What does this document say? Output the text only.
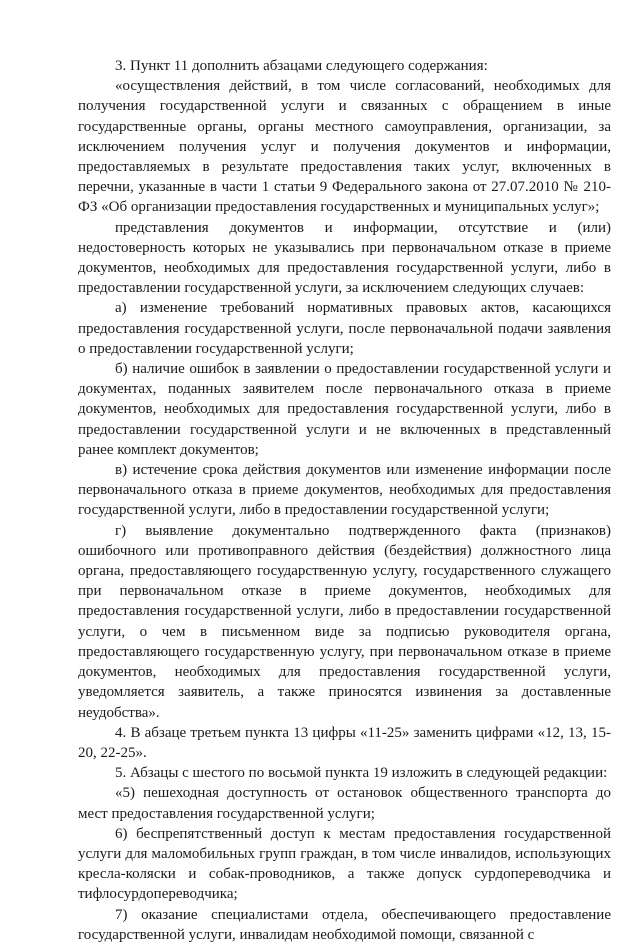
3. Пункт 11 дополнить абзацами следующего содержания:

«осуществления действий, в том числе согласований, необходимых для получения государственной услуги и связанных с обращением в иные государственные органы, органы местного самоуправления, организации, за исключением получения услуг и получения документов и информации, предоставляемых в результате предоставления таких услуг, включенных в перечни, указанные в части 1 статьи 9 Федерального закона от 27.07.2010 № 210-ФЗ «Об организации предоставления государственных и муниципальных услуг»;

представления документов и информации, отсутствие и (или) недостоверность которых не указывались при первоначальном отказе в приеме документов, необходимых для предоставления государственной услуги, либо в предоставлении государственной услуги, за исключением следующих случаев:

а) изменение требований нормативных правовых актов, касающихся предоставления государственной услуги, после первоначальной подачи заявления о предоставлении государственной услуги;

б) наличие ошибок в заявлении о предоставлении государственной услуги и документах, поданных заявителем после первоначального отказа в приеме документов, необходимых для предоставления государственной услуги, либо в предоставлении государственной услуги и не включенных в представленный ранее комплект документов;

в) истечение срока действия документов или изменение информации после первоначального отказа в приеме документов, необходимых для предоставления государственной услуги, либо в предоставлении государственной услуги;

г) выявление документально подтвержденного факта (признаков) ошибочного или противоправного действия (бездействия) должностного лица органа, предоставляющего государственную услугу, государственного служащего при первоначальном отказе в приеме документов, необходимых для предоставления государственной услуги, либо в предоставлении государственной услуги, о чем в письменном виде за подписью руководителя органа, предоставляющего государственную услугу, при первоначальном отказе в приеме документов, необходимых для предоставления государственной услуги, уведомляется заявитель, а также приносятся извинения за доставленные неудобства».

4. В абзаце третьем пункта 13 цифры «11-25» заменить цифрами «12, 13, 15-20, 22-25».

5. Абзацы с шестого по восьмой пункта 19 изложить в следующей редакции:

«5) пешеходная доступность от остановок общественного транспорта до мест предоставления государственной услуги;

6) беспрепятственный доступ к местам предоставления государственной услуги для маломобильных групп граждан, в том числе инвалидов, использующих кресла-коляски и собак-проводников, а также допуск сурдопереводчика и тифлосурдопереводчика;

7) оказание специалистами отдела, обеспечивающего предоставление государственной услуги, инвалидам необходимой помощи, связанной с
